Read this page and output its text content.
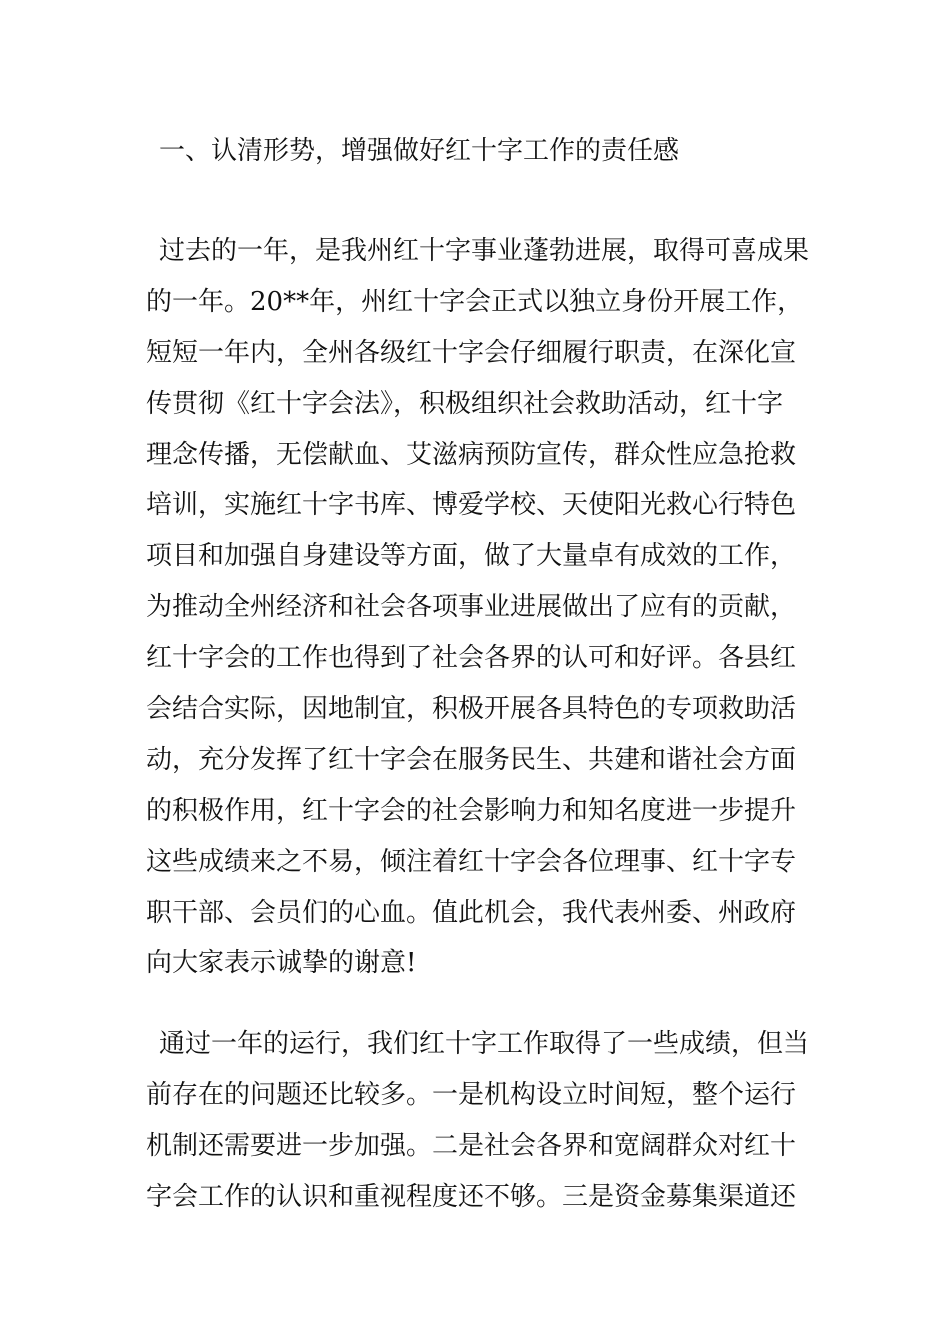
一、认清形势，增强做好红十字工作的责任感
过去的一年，是我州红十字事业蓬勃进展，取得可喜成果
的一年。20**年，州红十字会正式以独立身份开展工作，
短短一年内，全州各级红十字会仔细履行职责，在深化宣
传贯彻《红十字会法》，积极组织社会救助活动，红十字
理念传播，无偿献血、艾滋病预防宣传，群众性应急抢救
培训，实施红十字书库、博爱学校、天使阳光救心行特色
项目和加强自身建设等方面，做了大量卓有成效的工作，
为推动全州经济和社会各项事业进展做出了应有的贡献，
红十字会的工作也得到了社会各界的认可和好评。各县红
会结合实际，因地制宜，积极开展各具特色的专项救助活
动，充分发挥了红十字会在服务民生、共建和谐社会方面
的积极作用，红十字会的社会影响力和知名度进一步提升
这些成绩来之不易，倾注着红十字会各位理事、红十字专
职干部、会员们的心血。值此机会，我代表州委、州政府
向大家表示诚挚的谢意!
通过一年的运行，我们红十字工作取得了一些成绩，但当
前存在的问题还比较多。一是机构设立时间短，整个运行
机制还需要进一步加强。二是社会各界和宽阔群众对红十
字会工作的认识和重视程度还不够。三是资金募集渠道还
